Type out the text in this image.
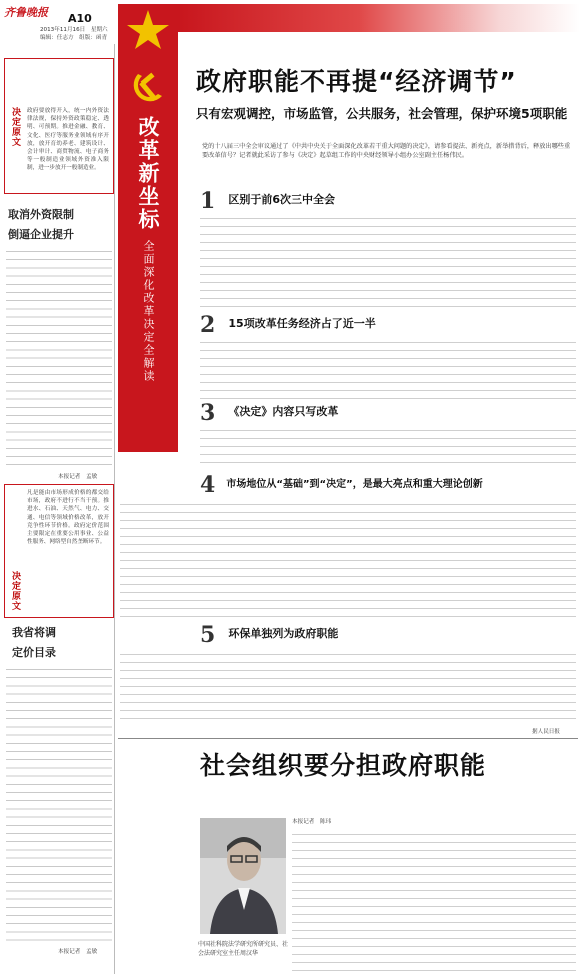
齐鲁晚报	A10
2013年11月16日　星期六
编辑：任志方　组版：函青
改革新坐标
全面深化改革决定全解读
决定原文	政府要放得开入，统一内外资法律法规，保持外资政策稳定、透明、可预期。推进金融、教育、文化、医疗等服务业领域有序开放，放开育幼养老、建筑设计、会计审计、商贸物流、电子商务等一般制造业领域外资准入限制，进一步放开一般制造业。
取消外资限制
倒逼企业提升
本报记者　孟敏
决定原文
凡是能由市场形成价格的都交给市场，政府不进行不当干预。推进水、石油、天然气、电力、交通、电信等领域价格改革，放开竞争性环节价格。政府定价范围主要限定在重要公用事业、公益性服务、网络型自然垄断环节。
我省将调
定价目录
本报记者　孟敏
政府职能不再提“经济调节”
只有宏观调控，市场监管，公共服务，社会管理，保护环境5项职能
党的十八届三中全会审议通过了《中共中央关于全面深化改革若干重大问题的决定》，请参看提法、新亮点，新举措背后，释放出哪些重要改革信号？记者就此采访了参与《决定》起草组工作的中央财经领导小组办公室副主任杨伟民。
1 $^{区别于前6次三中全会}$
2 $^{15项改革任务经济占了近一半}$
3 $^{《决定》内容只写改革}$
4 $^{市场地位从“基础”到“决定”,是最大亮点和重大理论创新}$
5 $^{环保单独列为政府职能}$
据人民日报
社会组织要分担政府职能
中国社科院法学研究所研究员、社会法研究室主任周汉华
本报记者　陈玮
